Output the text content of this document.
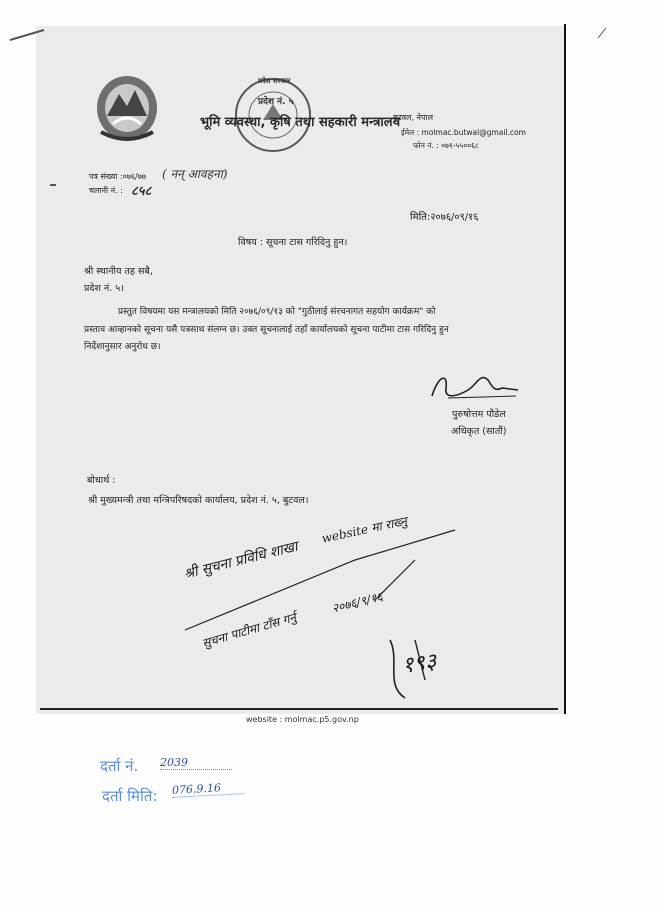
प्रदेश सरकार
प्रदेश नं. ५
भूमि व्यवस्था, कृषि तथा सहकारी मन्त्रालय
बुटवल, नेपाल
ईमेल : molmac.butwal@gmail.com
फोन नं. : ०७१-५५००६८
पत्र संख्या :०७६/७७ ( नन् आवहना)
चलानी नं. : ८५८
मिति:२०७६/०९/१६
विषय : सूचना टास गरिदिनु हुन।
श्री स्थानीय तह सबै,
प्रदेश नं. ५।
प्रस्तुत विषयमा यस मन्त्रालयको मिति २०७६/०९/१३ को "गुठीलाई संरचनागत सहयोग कार्यक्रम" को
प्रस्ताव आव्हानको सूचना यसै पत्रसाथ संलग्न छ। उक्त सूचनालाई तहाँ कार्यालयको सूचना पाटीमा टास गरिदिनु हुन
निर्देशानुसार अनुरोध छ।
पुरुषोत्तम पौडेल
अधिकृत (सातौं)
बोधार्थ :
श्री मुख्यमन्त्री तथा मन्त्रिपरिषदको कार्यालय, प्रदेश नं. ५, बुटवल।
श्री सुचना प्रविधि शाखा
website मा राख्नु
सुचना पाटीमा टाँस गर्नु
२०७६/९/१६
१९३
website : molmac.p5.gov.np
दर्ता नं. 2039
दर्ता मिति: 076.9.16
